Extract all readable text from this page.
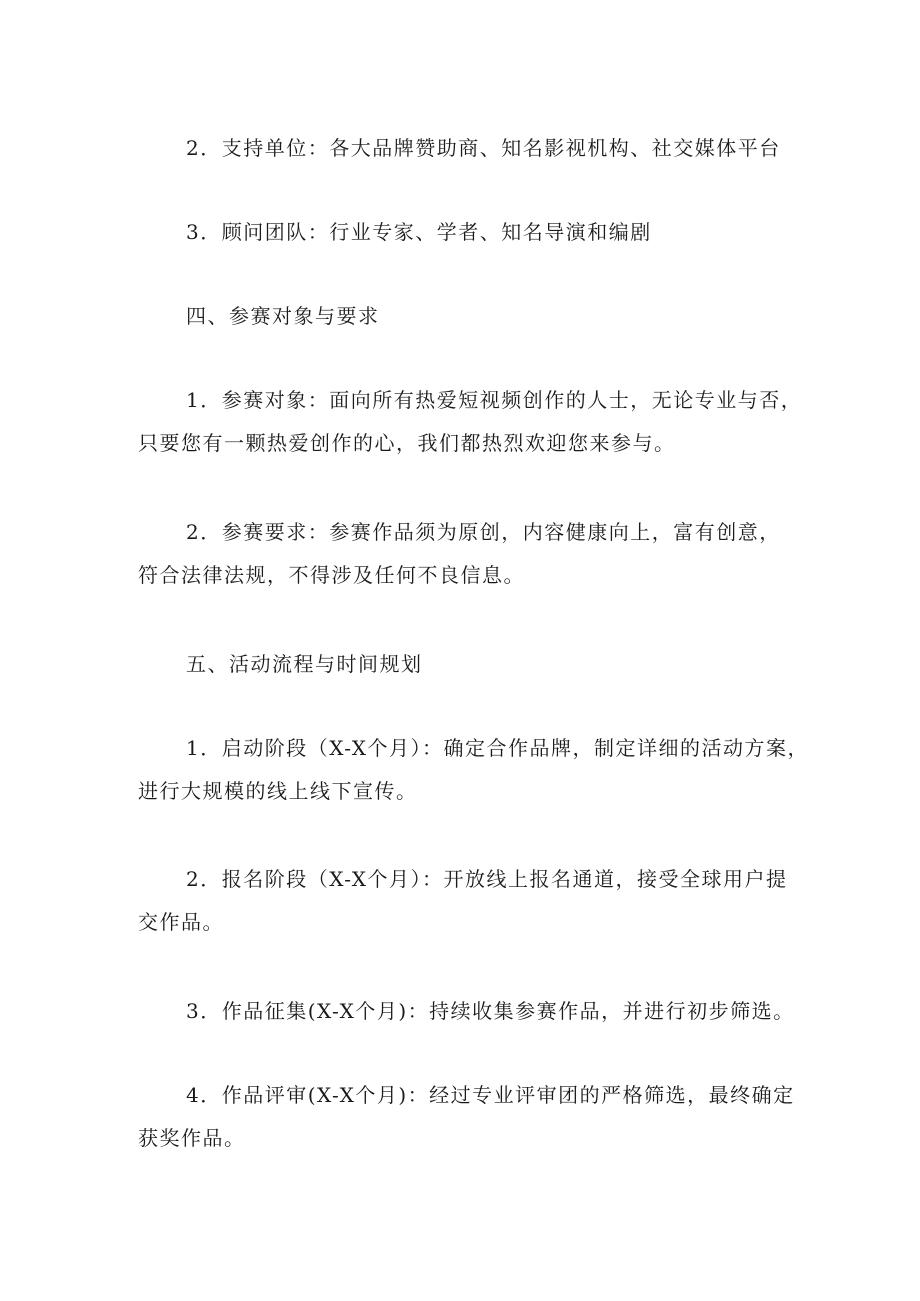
2．支持单位：各大品牌赞助商、知名影视机构、社交媒体平台

3．顾问团队：行业专家、学者、知名导演和编剧

四、参赛对象与要求

1．参赛对象：面向所有热爱短视频创作的人士，无论专业与否，
只要您有一颗热爱创作的心，我们都热烈欢迎您来参与。

2．参赛要求：参赛作品须为原创，内容健康向上，富有创意，
符合法律法规，不得涉及任何不良信息。

五、活动流程与时间规划

1．启动阶段（X-X个月）：确定合作品牌，制定详细的活动方案，
进行大规模的线上线下宣传。

2．报名阶段（X-X个月）：开放线上报名通道，接受全球用户提
交作品。

3．作品征集(X-X个月)：持续收集参赛作品，并进行初步筛选。

4．作品评审(X-X个月)：经过专业评审团的严格筛选，最终确定
获奖作品。
